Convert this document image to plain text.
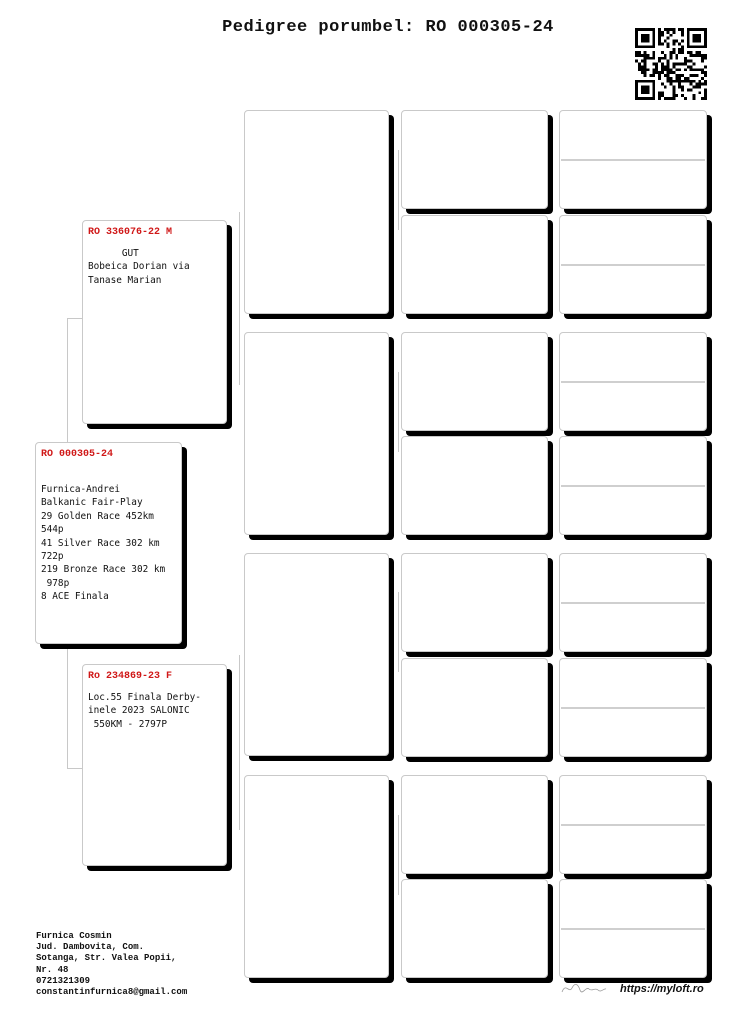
Pedigree porumbel: RO 000305-24
RO 000305-24
Furnica-Andrei
Balkanic Fair-Play
29 Golden Race 452km
544p
41 Silver Race 302 km
722p
219 Bronze Race 302 km
978p
8 ACE Finala
RO 336076-22 M
GUT
Bobeica Dorian via
Tanase Marian
Ro 234869-23 F
Loc.55 Finala Derby-
inele 2023 SALONIC
550KM - 2797P
Furnica Cosmin
Jud. Dambovita, Com.
Sotanga, Str. Valea Popii,
Nr. 48
0721321309
constantinfurnica8@gmail.com	https://myloft.ro
